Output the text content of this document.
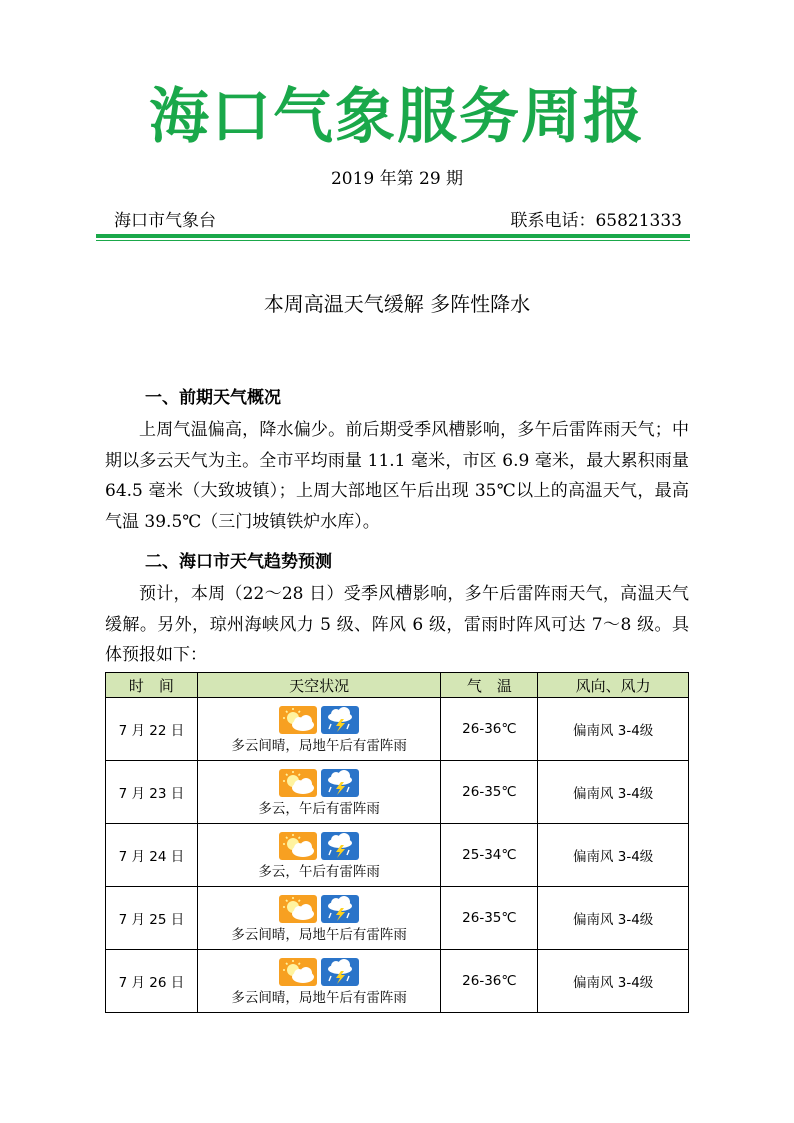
海口气象服务周报
2019 年第 29 期
海口市气象台	联系电话：65821333
本周高温天气缓解 多阵性降水
一、前期天气概况
上周气温偏高，降水偏少。前后期受季风槽影响，多午后雷阵雨天气；中期以多云天气为主。全市平均雨量 11.1 毫米，市区 6.9 毫米，最大累积雨量 64.5 毫米（大致坡镇）；上周大部地区午后出现 35℃以上的高温天气，最高气温 39.5℃（三门坡镇铁炉水库）。
二、海口市天气趋势预测
预计，本周（22～28 日）受季风槽影响，多午后雷阵雨天气，高温天气缓解。另外，琼州海峡风力 5 级、阵风 6 级，雷雨时阵风可达 7～8 级。具体预报如下：
时　间	天空状况	气　温	风向、风力
7 月 22 日	多云间晴，局地午后有雷阵雨	26-36℃	偏南风 3-4级
7 月 23 日	多云，午后有雷阵雨	26-35℃	偏南风 3-4级
7 月 24 日	多云，午后有雷阵雨	25-34℃	偏南风 3-4级
7 月 25 日	多云间晴，局地午后有雷阵雨	26-35℃	偏南风 3-4级
7 月 26 日	多云间晴，局地午后有雷阵雨	26-36℃	偏南风 3-4级
